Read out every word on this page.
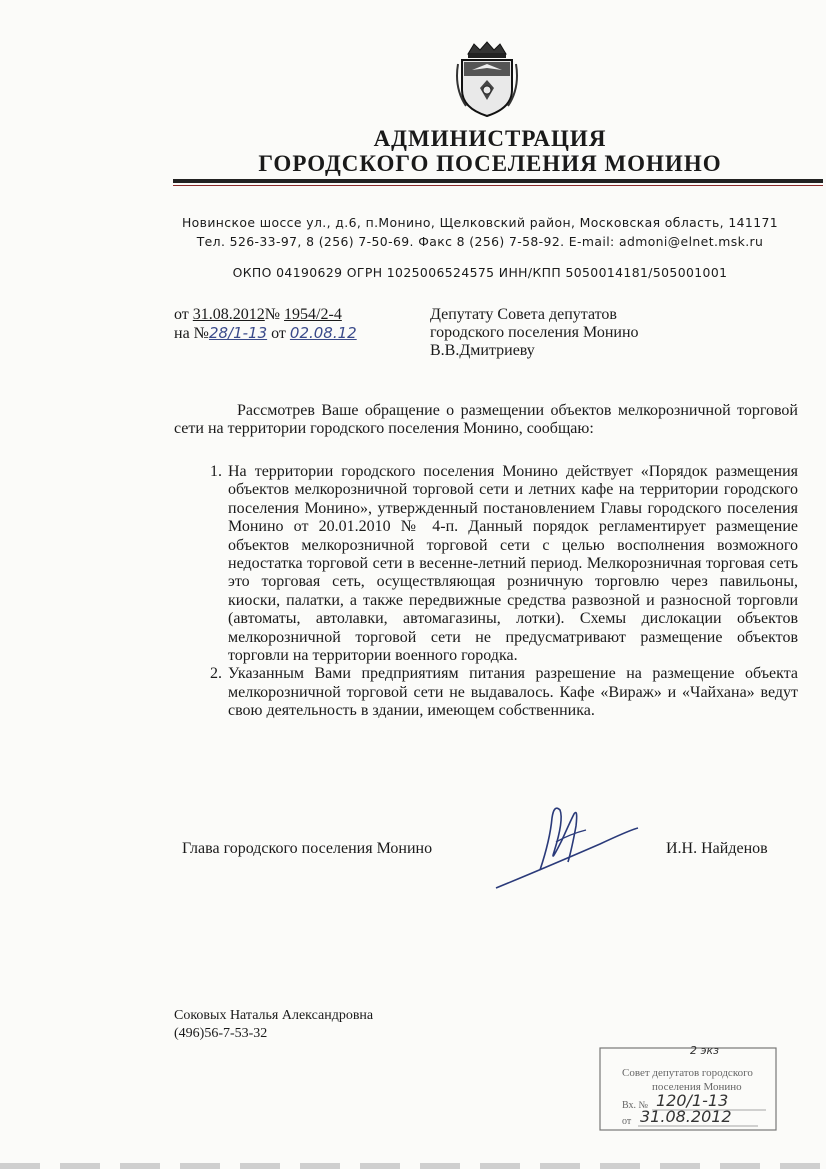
АДМИНИСТРАЦИЯ
ГОРОДСКОГО ПОСЕЛЕНИЯ МОНИНО
Новинское шоссе ул., д.6, п.Монино, Щелковский район, Московская область, 141171
Тел. 526-33-97, 8 (256) 7-50-69. Факс 8 (256) 7-58-92. E-mail: admoni@elnet.msk.ru
ОКПО 04190629 ОГРН 1025006524575 ИНН/КПП 5050014181/505001001
от 31.08.2012№ 1954/2-4
на №28/1-13 от 02.08.12
Депутату Совета депутатов
городского поселения Монино
В.В.Дмитриеву
Рассмотрев Ваше обращение о размещении объектов мелкорозничной торговой сети на территории городского поселения Монино, сообщаю:
1. На территории городского поселения Монино действует «Порядок размещения объектов мелкорозничной торговой сети и летних кафе на территории городского поселения Монино», утвержденный постановлением Главы городского поселения Монино от 20.01.2010 № 4-п. Данный порядок регламентирует размещение объектов мелкорозничной торговой сети с целью восполнения возможного недостатка торговой сети в весенне-летний период. Мелкорозничная торговая сеть это торговая сеть, осуществляющая розничную торговлю через павильоны, киоски, палатки, а также передвижные средства развозной и разносной торговли (автоматы, автолавки, автомагазины, лотки). Схемы дислокации объектов мелкорозничной торговой сети не предусматривают размещение объектов торговли на территории военного городка.
2. Указанным Вами предприятиям питания разрешение на размещение объекта мелкорозничной торговой сети не выдавалось. Кафе «Вираж» и «Чайхана» ведут свою деятельность в здании, имеющем собственника.
Глава городского поселения Монино	И.Н. Найденов
Соковых Наталья Александровна
(496)56-7-53-32
Совет депутатов городского
поселения Монино
Вх. № 120/1-13
от 31.08.2012
2 экз
